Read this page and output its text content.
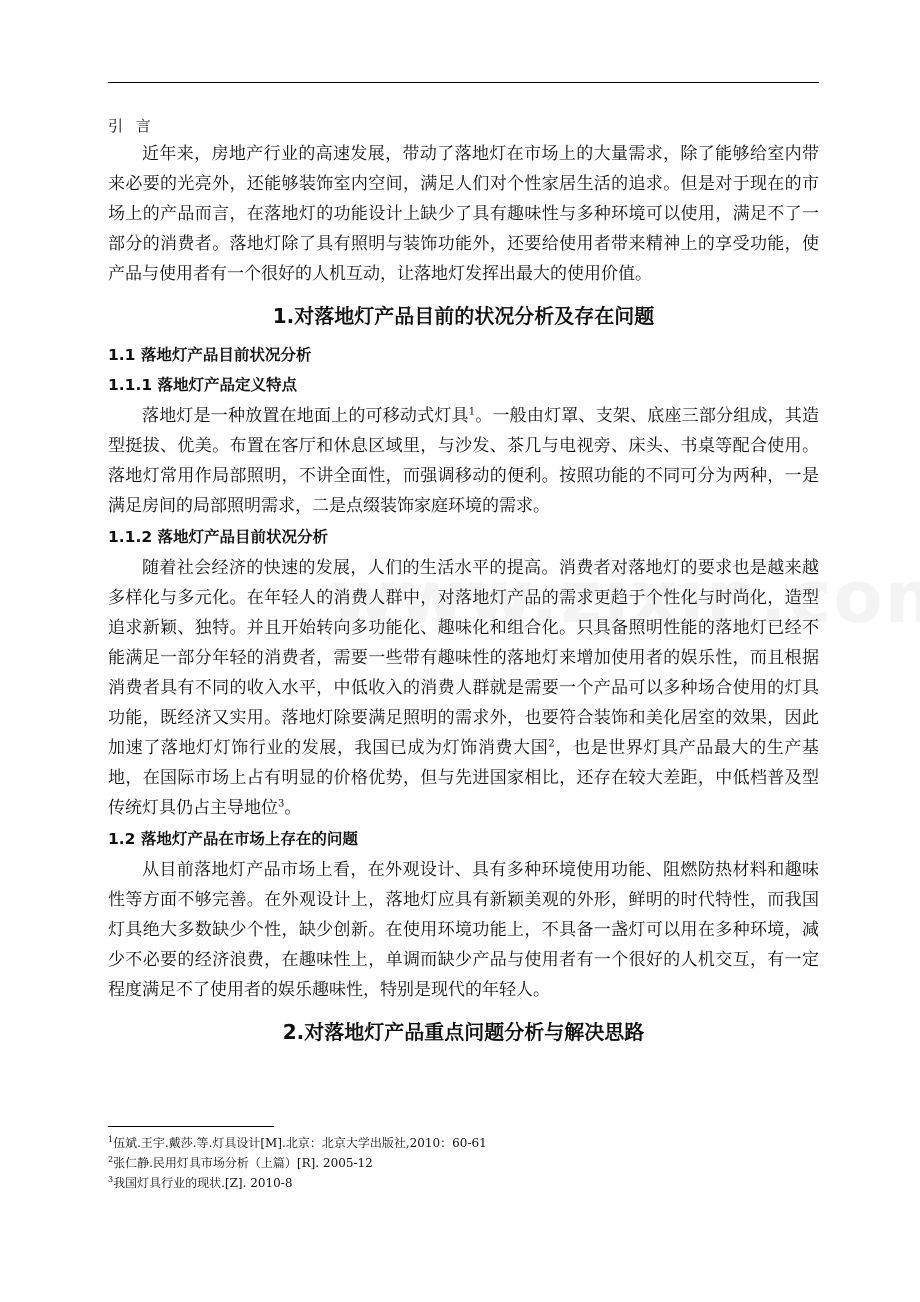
引 言

近年来，房地产行业的高速发展，带动了落地灯在市场上的大量需求，除了能够给室内带来必要的光亮外，还能够装饰室内空间，满足人们对个性家居生活的追求。但是对于现在的市场上的产品而言，在落地灯的功能设计上缺少了具有趣味性与多种环境可以使用，满足不了一部分的消费者。落地灯除了具有照明与装饰功能外，还要给使用者带来精神上的享受功能，使产品与使用者有一个很好的人机互动，让落地灯发挥出最大的使用价值。

1.对落地灯产品目前的状况分析及存在问题
1.1 落地灯产品目前状况分析
1.1.1 落地灯产品定义特点

落地灯是一种放置在地面上的可移动式灯具$^1$。一般由灯罩、支架、底座三部分组成，其造型挺拔、优美。布置在客厅和休息区域里，与沙发、茶几与电视旁、床头、书桌等配合使用。落地灯常用作局部照明，不讲全面性，而强调移动的便利。按照功能的不同可分为两种，一是满足房间的局部照明需求，二是点缀装饰家庭环境的需求。

1.1.2 落地灯产品目前状况分析

随着社会经济的快速的发展，人们的生活水平的提高。消费者对落地灯的要求也是越来越多样化与多元化。在年轻人的消费人群中，对落地灯产品的需求更趋于个性化与时尚化，造型追求新颖、独特。并且开始转向多功能化、趣味化和组合化。只具备照明性能的落地灯已经不能满足一部分年轻的消费者，需要一些带有趣味性的落地灯来增加使用者的娱乐性，而且根据消费者具有不同的收入水平，中低收入的消费人群就是需要一个产品可以多种场合使用的灯具功能，既经济又实用。落地灯除要满足照明的需求外，也要符合装饰和美化居室的效果，因此加速了落地灯灯饰行业的发展，我国已成为灯饰消费大国$^2$，也是世界灯具产品最大的生产基地，在国际市场上占有明显的价格优势，但与先进国家相比，还存在较大差距，中低档普及型传统灯具仍占主导地位$^3$。

1.2 落地灯产品在市场上存在的问题

从目前落地灯产品市场上看，在外观设计、具有多种环境使用功能、阻燃防热材料和趣味性等方面不够完善。在外观设计上，落地灯应具有新颖美观的外形，鲜明的时代特性，而我国灯具绝大多数缺少个性，缺少创新。在使用环境功能上，不具备一盏灯可以用在多种环境，减少不必要的经济浪费，在趣味性上，单调而缺少产品与使用者有一个很好的人机交互，有一定程度满足不了使用者的娱乐趣味性，特别是现代的年轻人。

2.对落地灯产品重点问题分析与解决思路

$^1$伍斌.王宇.戴莎.等.灯具设计[M].北京：北京大学出版社,2010：60-61

$^2$张仁静.民用灯具市场分析（上篇）[R]. 2005-12

$^3$我国灯具行业的现状.[Z]. 2010-8
